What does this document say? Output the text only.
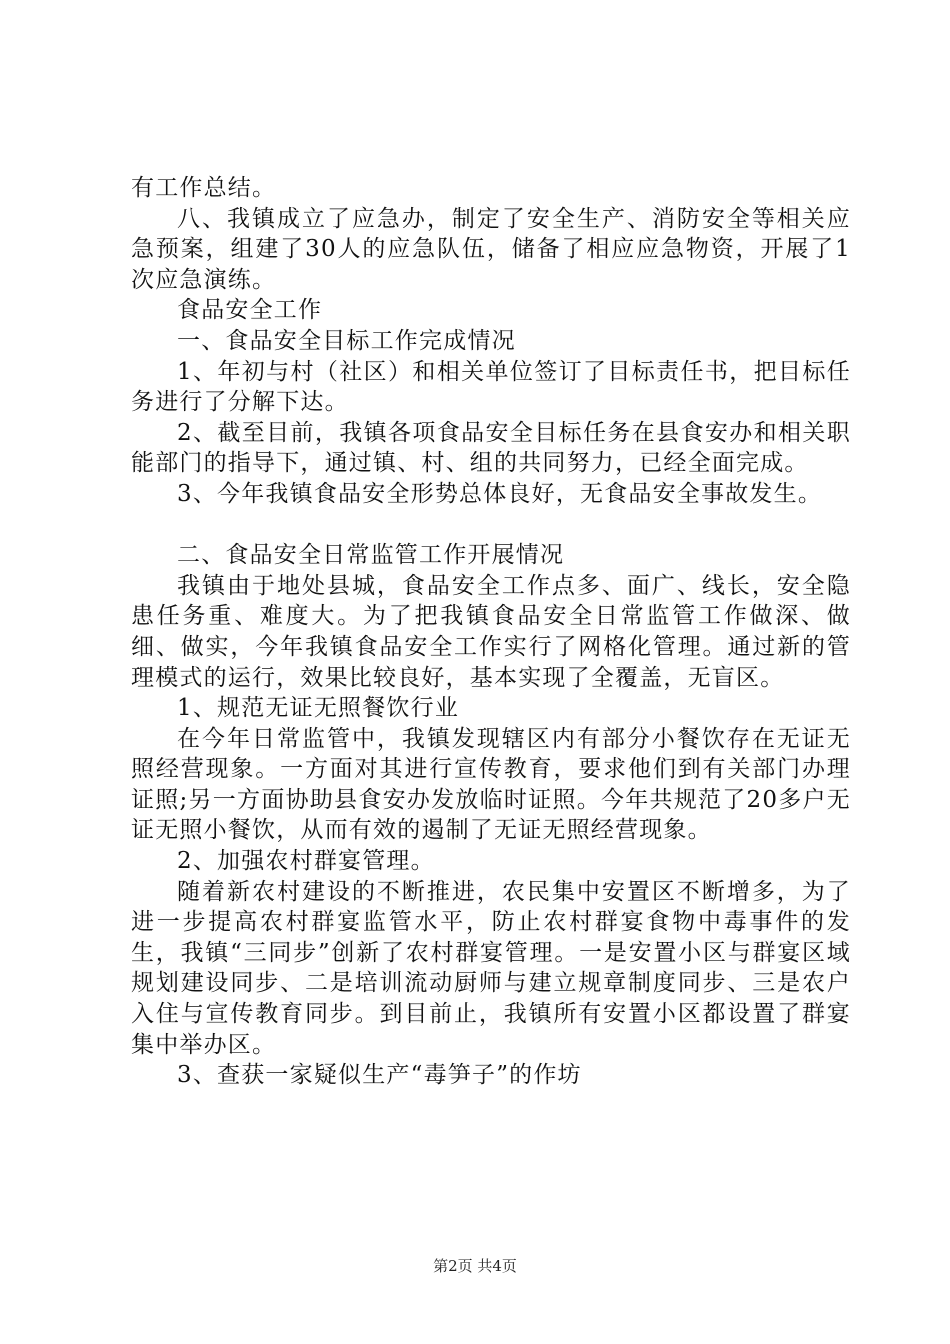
有工作总结。

八、我镇成立了应急办，制定了安全生产、消防安全等相关应急预案，组建了30人的应急队伍，储备了相应应急物资，开展了1次应急演练。

食品安全工作

一、食品安全目标工作完成情况

1、年初与村（社区）和相关单位签订了目标责任书，把目标任务进行了分解下达。

2、截至目前，我镇各项食品安全目标任务在县食安办和相关职能部门的指导下，通过镇、村、组的共同努力，已经全面完成。

3、今年我镇食品安全形势总体良好，无食品安全事故发生。

二、食品安全日常监管工作开展情况

我镇由于地处县城，食品安全工作点多、面广、线长，安全隐患任务重、难度大。为了把我镇食品安全日常监管工作做深、做细、做实，今年我镇食品安全工作实行了网格化管理。通过新的管理模式的运行，效果比较良好，基本实现了全覆盖，无盲区。

1、规范无证无照餐饮行业

在今年日常监管中，我镇发现辖区内有部分小餐饮存在无证无照经营现象。一方面对其进行宣传教育，要求他们到有关部门办理证照;另一方面协助县食安办发放临时证照。今年共规范了20多户无证无照小餐饮，从而有效的遏制了无证无照经营现象。

2、加强农村群宴管理。

随着新农村建设的不断推进，农民集中安置区不断增多，为了进一步提高农村群宴监管水平，防止农村群宴食物中毒事件的发生，我镇“三同步”创新了农村群宴管理。一是安置小区与群宴区域规划建设同步、二是培训流动厨师与建立规章制度同步、三是农户入住与宣传教育同步。到目前止，我镇所有安置小区都设置了群宴集中举办区。

3、查获一家疑似生产“毒笋子”的作坊

第2页 共4页
